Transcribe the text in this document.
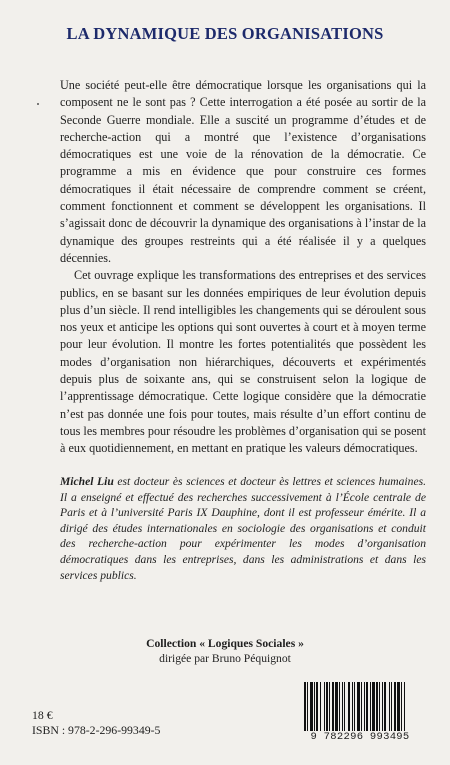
LA DYNAMIQUE DES ORGANISATIONS

Une société peut-elle être démocratique lorsque les organisations qui la composent ne le sont pas ? Cette interrogation a été posée au sortir de la Seconde Guerre mondiale. Elle a suscité un programme d’études et de recherche-action qui a montré que l’existence d’organisations démocratiques est une voie de la rénovation de la démocratie. Ce programme a mis en évidence que pour construire ces formes démocratiques il était nécessaire de comprendre comment se créent, comment fonctionnent et comment se développent les organisations. Il s’agissait donc de découvrir la dynamique des organisations à l’instar de la dynamique des groupes restreints qui a été réalisée il y a quelques décennies.

Cet ouvrage explique les transformations des entreprises et des services publics, en se basant sur les données empiriques de leur évolution depuis plus d’un siècle. Il rend intelligibles les changements qui se déroulent sous nos yeux et anticipe les options qui sont ouvertes à court et à moyen terme pour leur évolution. Il montre les fortes potentialités que possèdent les modes d’organisation non hiérarchiques, découverts et expérimentés depuis plus de soixante ans, qui se construisent selon la logique de l’apprentissage démocratique. Cette logique considère que la démocratie n’est pas donnée une fois pour toutes, mais résulte d’un effort continu de tous les membres pour résoudre les problèmes d’organisation qui se posent à eux quotidiennement, en mettant en pratique les valeurs démocratiques.

Michel Liu est docteur ès sciences et docteur ès lettres et sciences humaines. Il a enseigné et effectué des recherches successivement à l’École centrale de Paris et à l’université Paris IX Dauphine, dont il est professeur émérite. Il a dirigé des études internationales en sociologie des organisations et conduit des recherche-action pour expérimenter les modes d’organisation démocratiques dans les entreprises, dans les administrations et dans les services publics.

Collection « Logiques Sociales »
dirigée par Bruno Péquignot
18 €
ISBN : 978-2-296-99349-5	9 782296 993495
